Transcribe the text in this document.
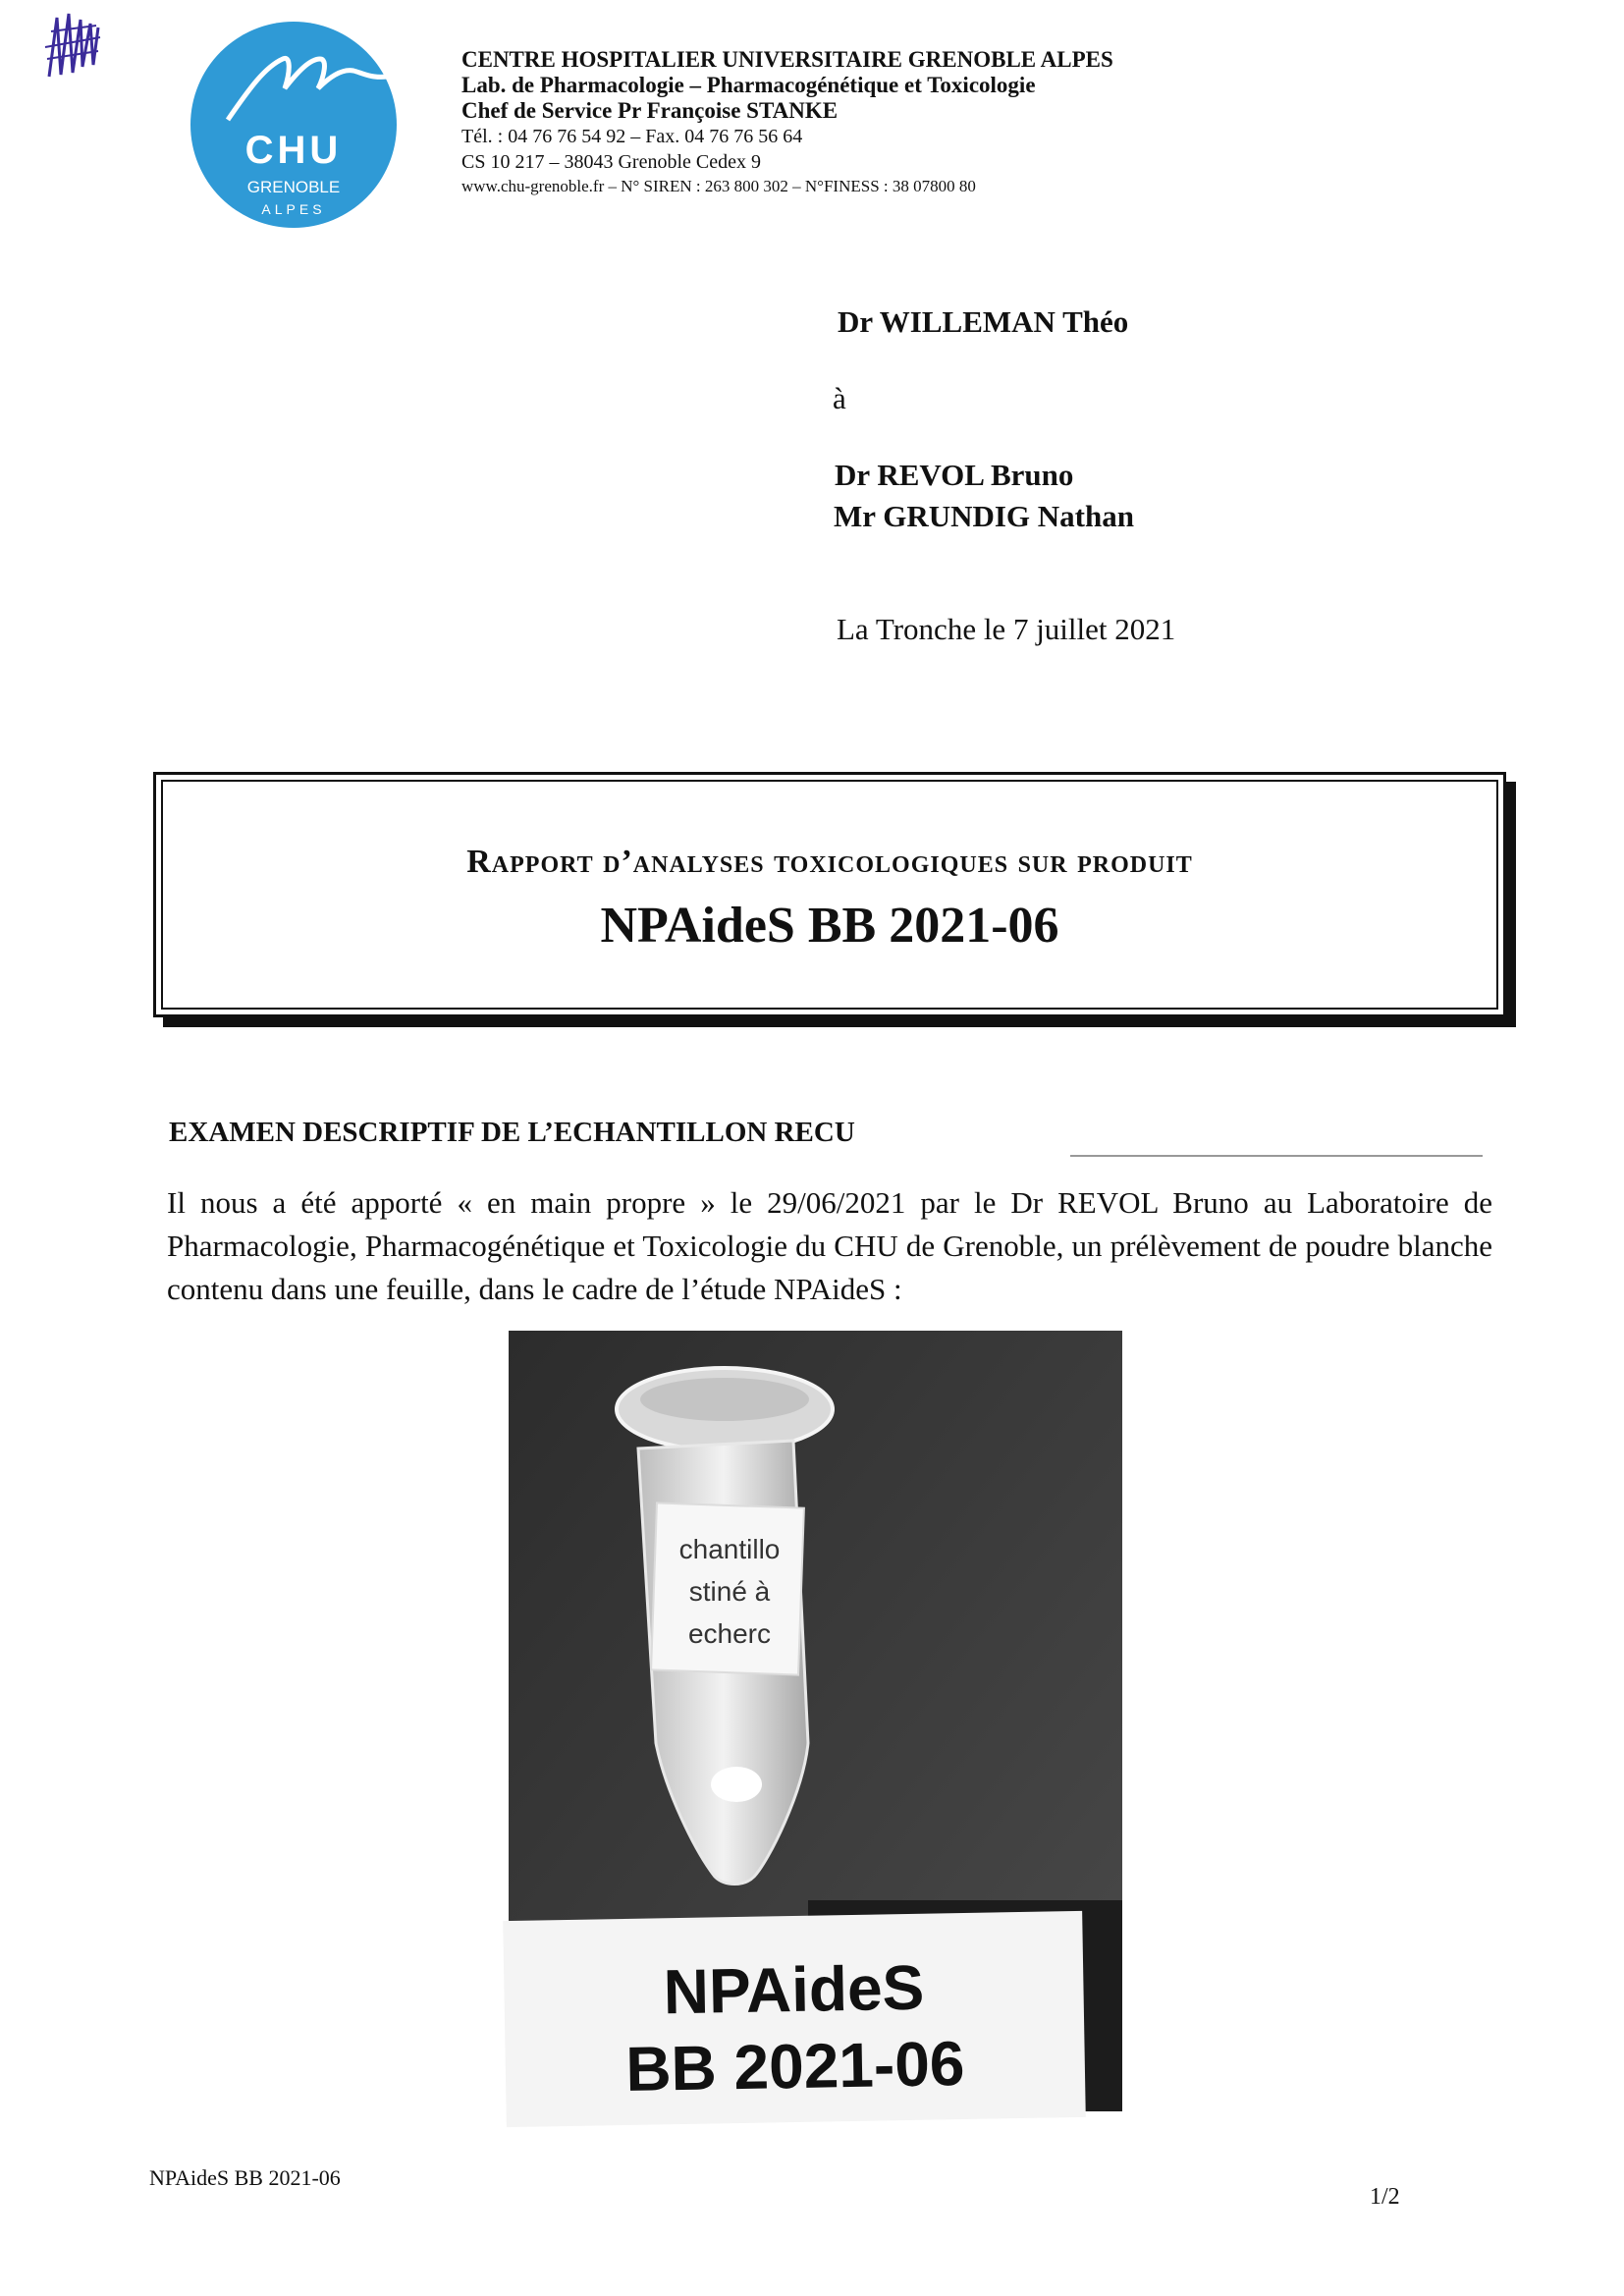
CHU
GRENOBLE
ALPES
CENTRE HOSPITALIER UNIVERSITAIRE GRENOBLE ALPES
Lab. de Pharmacologie – Pharmacogénétique et Toxicologie
Chef de Service Pr Françoise STANKE
Tél. : 04 76 76 54 92 – Fax. 04 76 76 56 64
CS 10 217 – 38043 Grenoble Cedex 9
www.chu-grenoble.fr – N° SIREN : 263 800 302 – N°FINESS : 38 07800 80
Dr WILLEMAN Théo
à
Dr REVOL Bruno
Mr GRUNDIG Nathan
La Tronche le 7 juillet 2021
Rapport d’analyses toxicologiques sur produit
NPAideS BB 2021-06
EXAMEN DESCRIPTIF DE L’ECHANTILLON RECU
Il nous a été apporté « en main propre » le 29/06/2021 par le Dr REVOL Bruno au Laboratoire de Pharmacologie, Pharmacogénétique et Toxicologie du CHU de Grenoble, un prélèvement de poudre blanche contenu dans une feuille, dans le cadre de l’étude NPAideS :
chantillo
stiné à
echerc
NPAideS
BB 2021-06
NPAideS BB 2021-06
1/2
